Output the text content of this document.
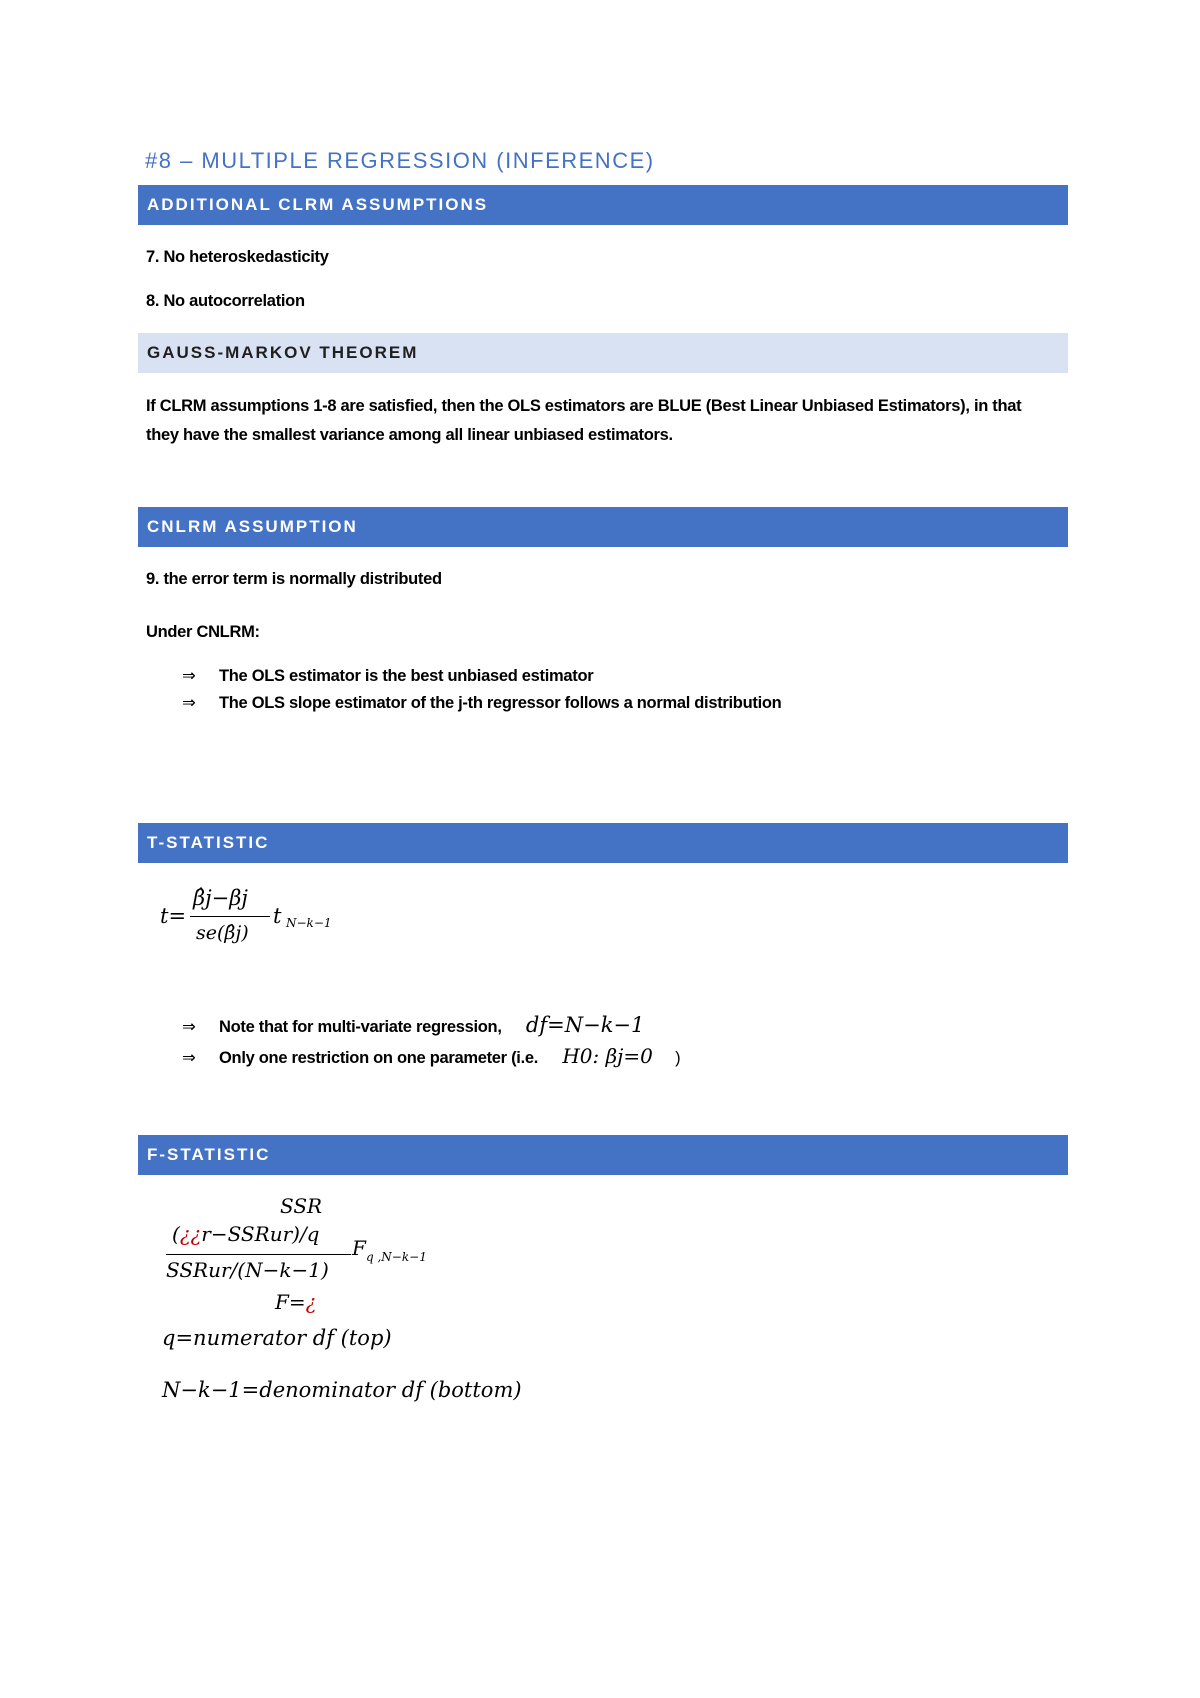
#8 – MULTIPLE REGRESSION (INFERENCE)
ADDITIONAL CLRM ASSUMPTIONS
7. No heteroskedasticity
8. No autocorrelation
GAUSS-MARKOV THEOREM
If CLRM assumptions 1-8 are satisfied, then the OLS estimators are BLUE (Best Linear Unbiased Estimators), in that they have the smallest variance among all linear unbiased estimators.
CNLRM ASSUMPTION
9. the error term is normally distributed
Under CNLRM:
⇒ The OLS estimator is the best unbiased estimator
⇒ The OLS slope estimator of the j-th regressor follows a normal distribution
T-STATISTIC
t=
β̂j−βj
se(β̂j)
t N−k−1
⇒ Note that for multi-variate regression, df=N−k−1
⇒ Only one restriction on one parameter (i.e. H0: βj=0 )
F-STATISTIC
SSR
(¿¿r−SSRur)/q
SSRur/(N−k−1)
F=¿
F q ,N−k−1
q=numerator df (top)
N−k−1=denominator df (bottom)
